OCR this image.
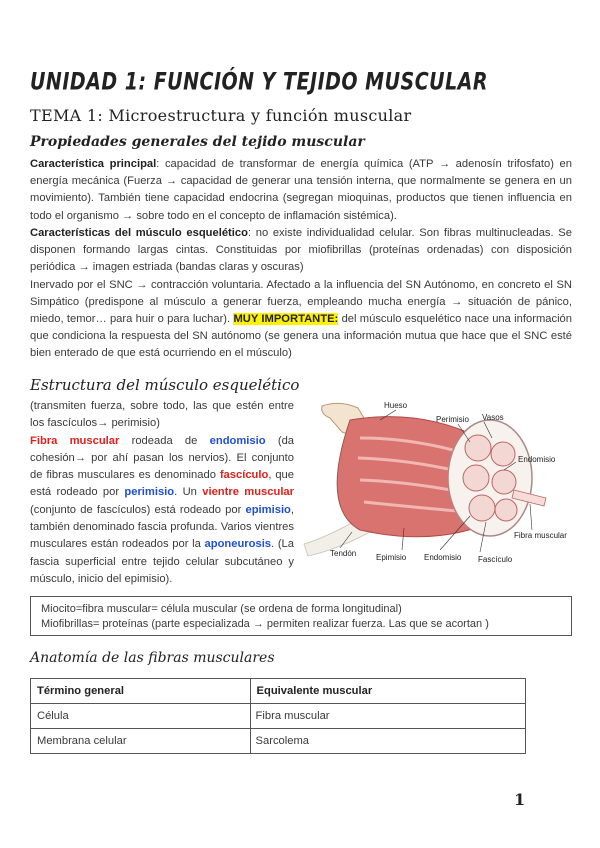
UNIDAD 1: FUNCIÓN Y TEJIDO MUSCULAR
TEMA 1: Microestructura y función muscular
Propiedades generales del tejido muscular
Característica principal: capacidad de transformar de energía química (ATP → adenosín trifosfato) en energía mecánica (Fuerza → capacidad de generar una tensión interna, que normalmente se genera en un movimiento). También tiene capacidad endocrina (segregan mioquinas, productos que tienen influencia en todo el organismo → sobre todo en el concepto de inflamación sistémica).
Características del músculo esquelético: no existe individualidad celular. Son fibras multinucleadas. Se disponen formando largas cintas. Constituidas por miofibrillas (proteínas ordenadas) con disposición periódica → imagen estriada (bandas claras y oscuras)
Inervado por el SNC → contracción voluntaria. Afectado a la influencia del SN Autónomo, en concreto el SN Simpático (predispone al músculo a generar fuerza, empleando mucha energía → situación de pánico, miedo, temor… para huir o para luchar). MUY IMPORTANTE: del músculo esquelético nace una información que condiciona la respuesta del SN autónomo (se genera una información mutua que hace que el SNC esté bien enterado de que está ocurriendo en el músculo)
Estructura del músculo esquelético
(transmiten fuerza, sobre todo, las que estén entre los fascículos→ perimisio)
Fibra muscular rodeada de endomisio (da cohesión→ por ahí pasan los nervios). El conjunto de fibras musculares es denominado fascículo, que está rodeado por perimisio. Un vientre muscular (conjunto de fascículos) está rodeado por epimisio, también denominado fascia profunda. Varios vientres musculares están rodeados por la aponeurosis. (La fascia superficial entre tejido celular subcutáneo y músculo, inicio del epimisio).
Hueso
Perimisio Vasos
Endomisio
Fibra muscular
Tendón Epimisio Endomisio Fascículo
Miocito=fibra muscular= célula muscular (se ordena de forma longitudinal)
Miofibrillas= proteínas (parte especializada → permiten realizar fuerza. Las que se acortan )
Anatomía de las fibras musculares
Término general	Equivalente muscular
Célula	Fibra muscular
Membrana celular	Sarcolema
1
